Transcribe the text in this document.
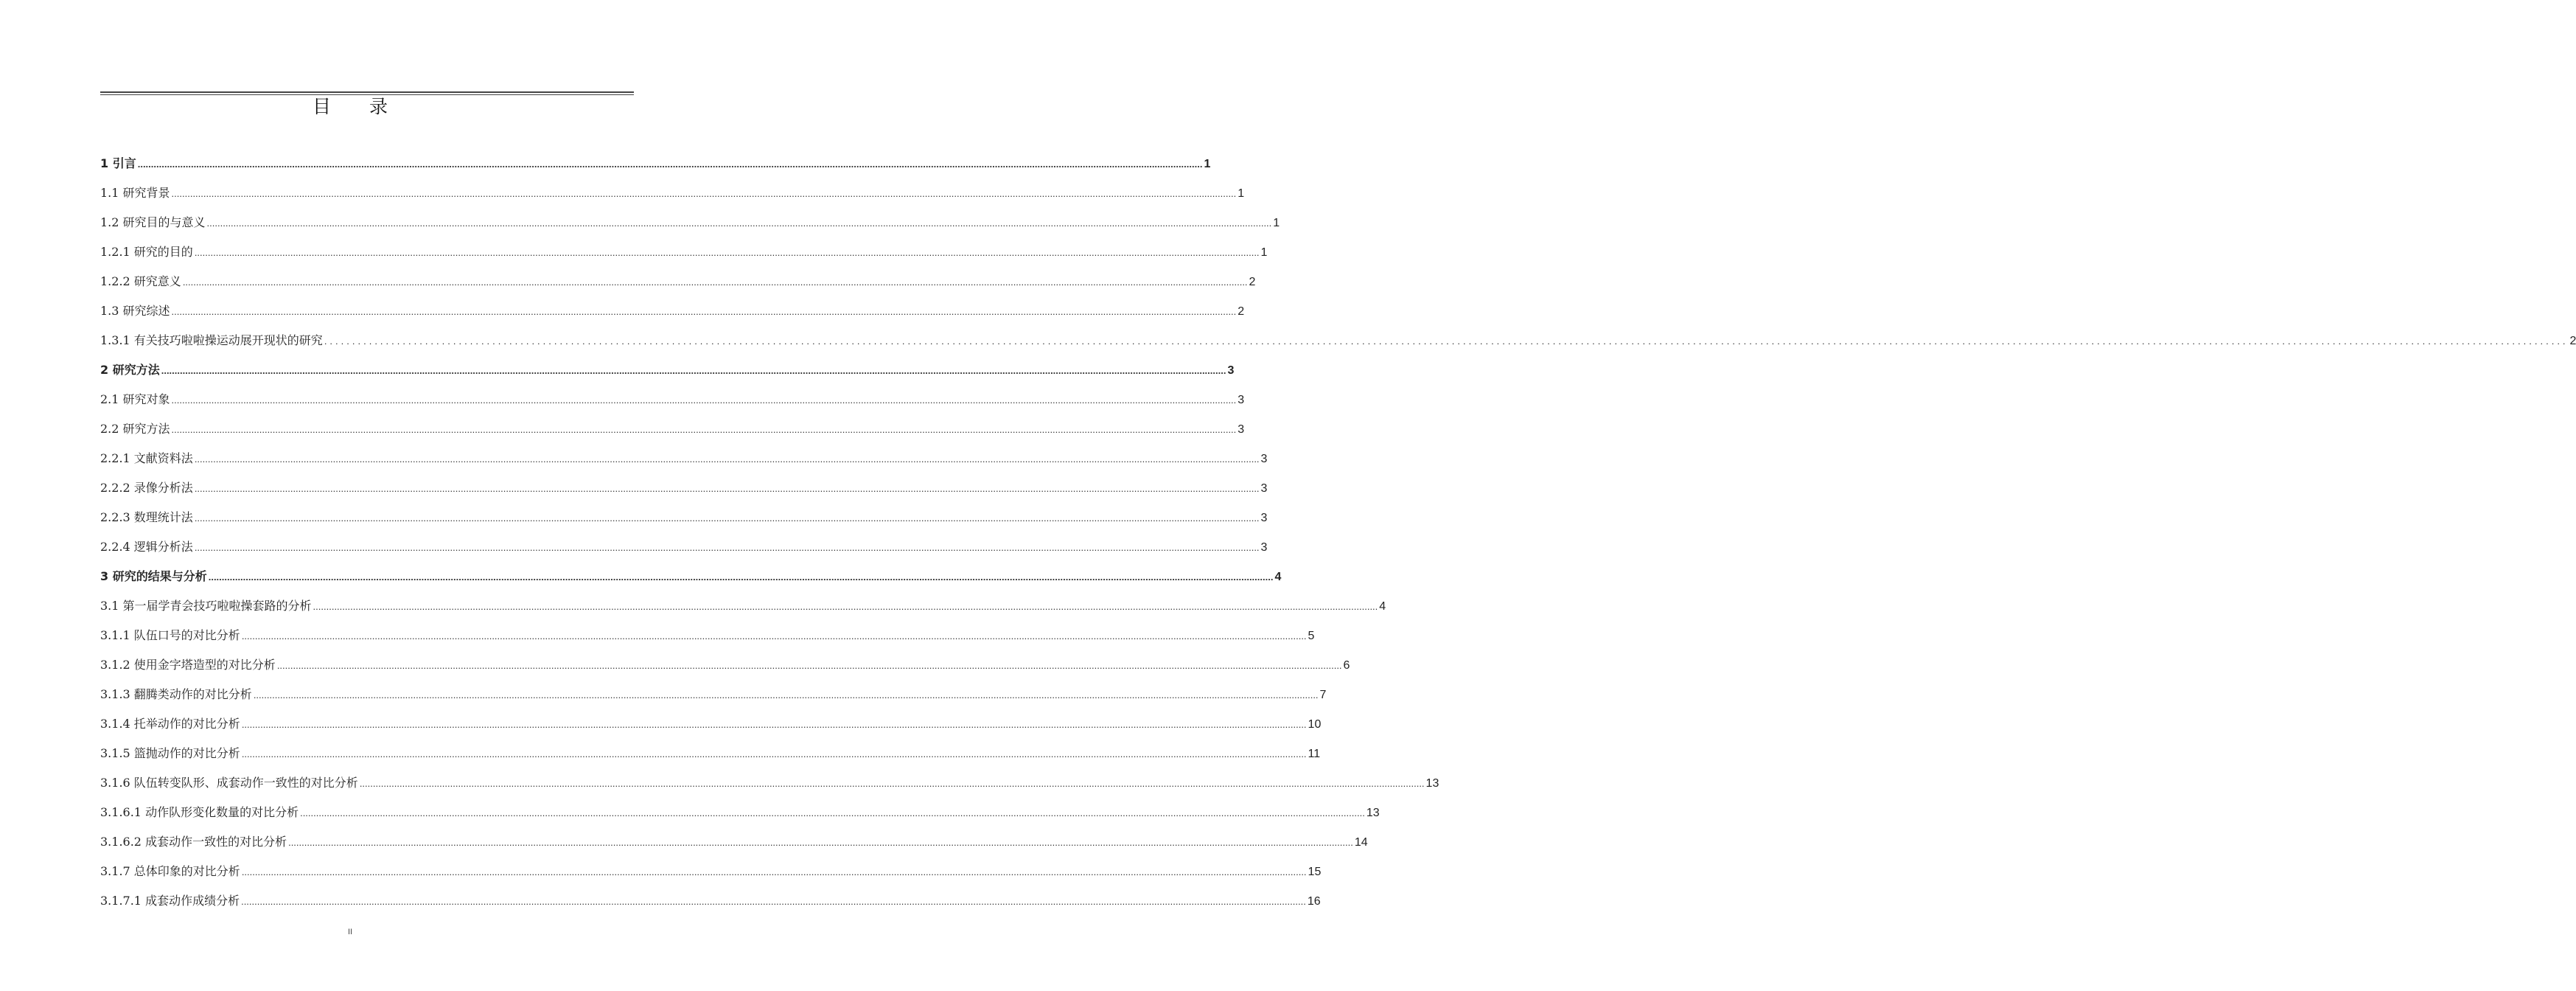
目 录
1 引言 ................................................................................................................................................................................................................................................................................................................................................................................................................ 1
1.1 研究背景 ................................................................................................................................................................................................................................................................................................................................................................................................................ 1
1.2 研究目的与意义 ................................................................................................................................................................................................................................................................................................................................................................................................................ 1
1.2.1 研究的目的 ................................................................................................................................................................................................................................................................................................................................................................................................................ 1
1.2.2 研究意义 ................................................................................................................................................................................................................................................................................................................................................................................................................ 2
1.3 研究综述 ................................................................................................................................................................................................................................................................................................................................................................................................................ 2
1.3.1 有关技巧啦啦操运动展开现状的研究 ................................................................................................................................................................................................................................................................................................................................................................................................................ 2
2 研究方法 ................................................................................................................................................................................................................................................................................................................................................................................................................ 3
2.1 研究对象 ................................................................................................................................................................................................................................................................................................................................................................................................................ 3
2.2 研究方法 ................................................................................................................................................................................................................................................................................................................................................................................................................ 3
2.2.1 文献资料法 ................................................................................................................................................................................................................................................................................................................................................................................................................ 3
2.2.2 录像分析法 ................................................................................................................................................................................................................................................................................................................................................................................................................ 3
2.2.3 数理统计法 ................................................................................................................................................................................................................................................................................................................................................................................................................ 3
2.2.4 逻辑分析法 ................................................................................................................................................................................................................................................................................................................................................................................................................ 3
3 研究的结果与分析 ................................................................................................................................................................................................................................................................................................................................................................................................................ 4
3.1 第一届学青会技巧啦啦操套路的分析 ................................................................................................................................................................................................................................................................................................................................................................................................................ 4
3.1.1 队伍口号的对比分析 ................................................................................................................................................................................................................................................................................................................................................................................................................ 5
3.1.2 使用金字塔造型的对比分析 ................................................................................................................................................................................................................................................................................................................................................................................................................ 6
3.1.3 翻腾类动作的对比分析 ................................................................................................................................................................................................................................................................................................................................................................................................................ 7
3.1.4 托举动作的对比分析 ................................................................................................................................................................................................................................................................................................................................................................................................................ 10
3.1.5 篮抛动作的对比分析 ................................................................................................................................................................................................................................................................................................................................................................................................................ 11
3.1.6 队伍转变队形、成套动作一致性的对比分析 ................................................................................................................................................................................................................................................................................................................................................................................................................ 13
3.1.6.1 动作队形变化数量的对比分析 ................................................................................................................................................................................................................................................................................................................................................................................................................ 13
3.1.6.2 成套动作一致性的对比分析 ................................................................................................................................................................................................................................................................................................................................................................................................................ 14
3.1.7 总体印象的对比分析 ................................................................................................................................................................................................................................................................................................................................................................................................................ 15
3.1.7.1 成套动作成绩分析 ................................................................................................................................................................................................................................................................................................................................................................................................................ 16
II
